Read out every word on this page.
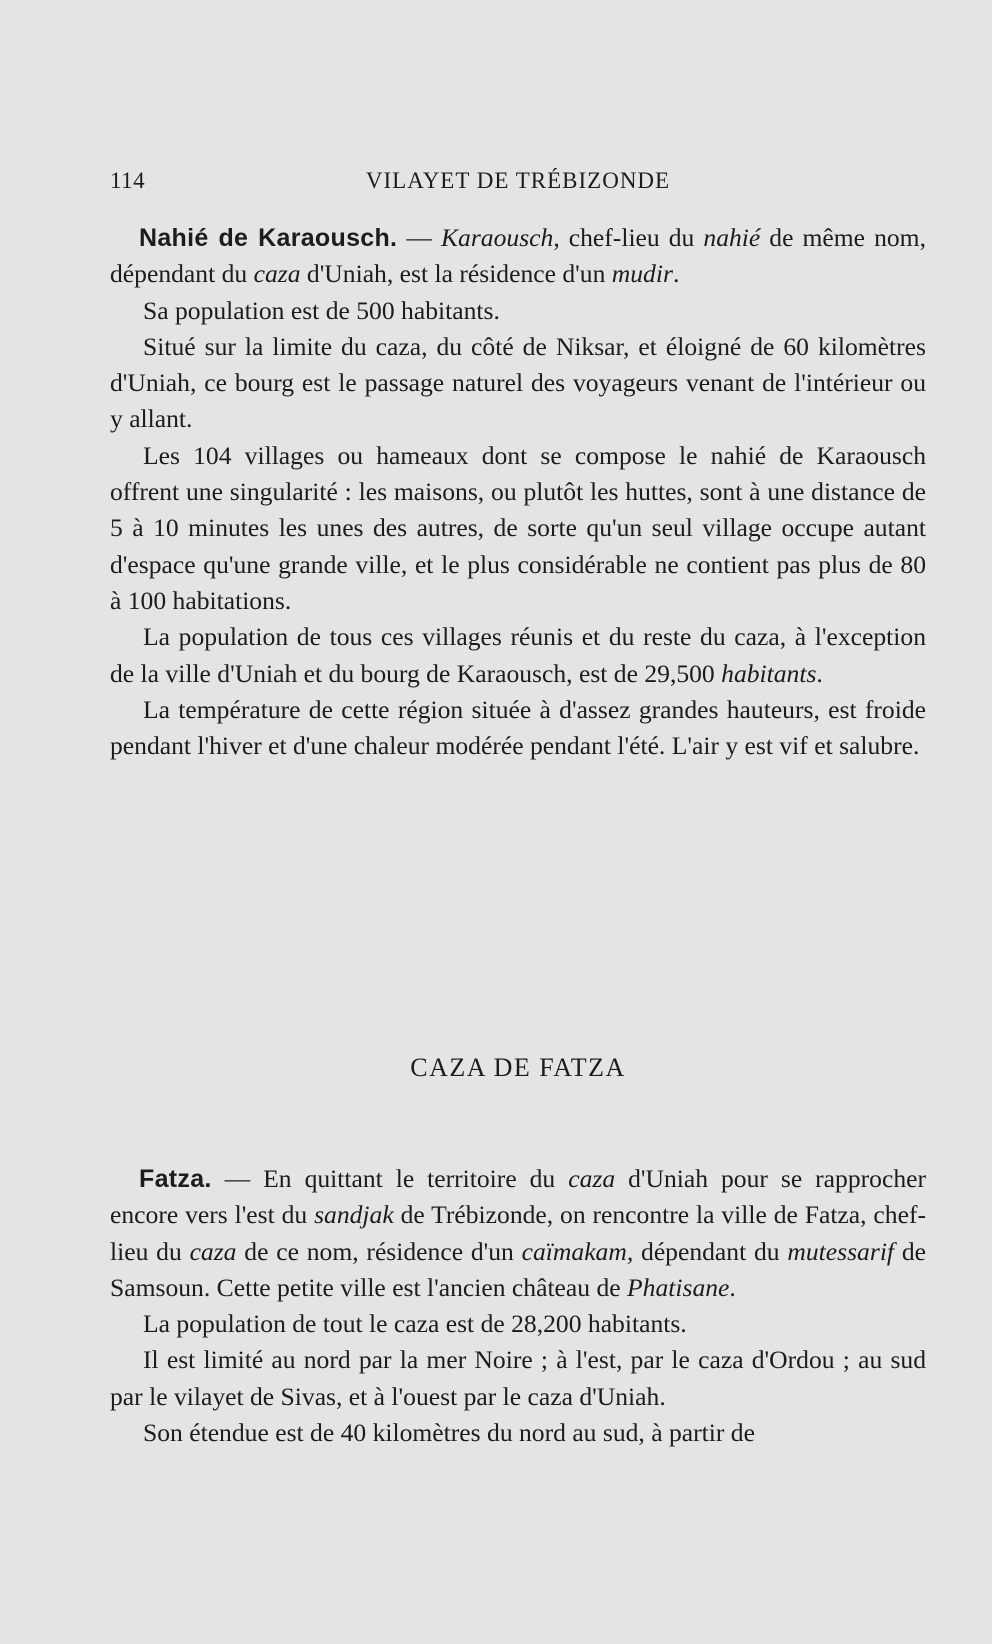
114	VILAYET DE TRÉBIZONDE

Nahié de Karaousch. — Karaousch, chef-lieu du nahié de même nom, dépendant du caza d'Uniah, est la résidence d'un mudir.

Sa population est de 500 habitants.

Situé sur la limite du caza, du côté de Niksar, et éloigné de 60 kilomètres d'Uniah, ce bourg est le passage naturel des voyageurs venant de l'intérieur ou y allant.

Les 104 villages ou hameaux dont se compose le nahié de Karaousch offrent une singularité : les maisons, ou plutôt les huttes, sont à une distance de 5 à 10 minutes les unes des autres, de sorte qu'un seul village occupe autant d'espace qu'une grande ville, et le plus considérable ne contient pas plus de 80 à 100 habitations.

La population de tous ces villages réunis et du reste du caza, à l'exception de la ville d'Uniah et du bourg de Karaousch, est de 29,500 habitants.

La température de cette région située à d'assez grandes hauteurs, est froide pendant l'hiver et d'une chaleur modérée pendant l'été. L'air y est vif et salubre.

CAZA DE FATZA

Fatza. — En quittant le territoire du caza d'Uniah pour se rapprocher encore vers l'est du sandjak de Trébizonde, on rencontre la ville de Fatza, chef-lieu du caza de ce nom, résidence d'un caïmakam, dépendant du mutessarif de Samsoun. Cette petite ville est l'ancien château de Phatisane.

La population de tout le caza est de 28,200 habitants.

Il est limité au nord par la mer Noire ; à l'est, par le caza d'Ordou ; au sud par le vilayet de Sivas, et à l'ouest par le caza d'Uniah.

Son étendue est de 40 kilomètres du nord au sud, à partir de
